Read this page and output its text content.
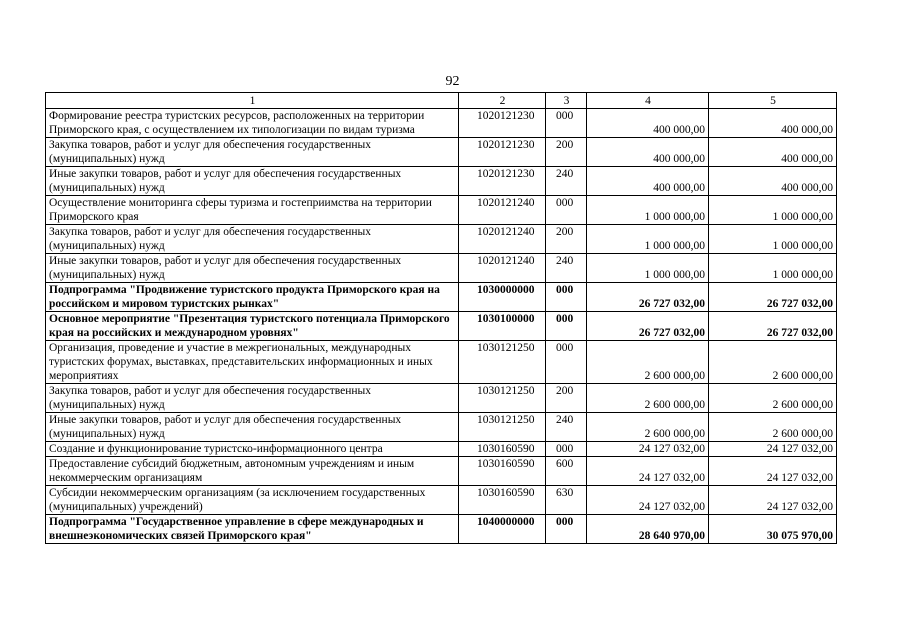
92
1	2	3	4	5
Формирование реестра туристских ресурсов, расположенных на территории Приморского края, с осуществлением их типологизации по видам туризма	1020121230	000	400 000,00	400 000,00
Закупка товаров, работ и услуг для обеспечения государственных (муниципальных) нужд	1020121230	200	400 000,00	400 000,00
Иные закупки товаров, работ и услуг для обеспечения государственных (муниципальных) нужд	1020121230	240	400 000,00	400 000,00
Осуществление мониторинга сферы туризма и гостеприимства на территории Приморского края	1020121240	000	1 000 000,00	1 000 000,00
Закупка товаров, работ и услуг для обеспечения государственных (муниципальных) нужд	1020121240	200	1 000 000,00	1 000 000,00
Иные закупки товаров, работ и услуг для обеспечения государственных (муниципальных) нужд	1020121240	240	1 000 000,00	1 000 000,00
Подпрограмма "Продвижение туристского продукта Приморского края на российском и мировом туристских рынках"	1030000000	000	26 727 032,00	26 727 032,00
Основное мероприятие "Презентация туристского потенциала Приморского края на российских и международном уровнях"	1030100000	000	26 727 032,00	26 727 032,00
Организация, проведение и участие в межрегиональных, международных туристских форумах, выставках, представительских информационных и иных мероприятиях	1030121250	000	2 600 000,00	2 600 000,00
Закупка товаров, работ и услуг для обеспечения государственных (муниципальных) нужд	1030121250	200	2 600 000,00	2 600 000,00
Иные закупки товаров, работ и услуг для обеспечения государственных (муниципальных) нужд	1030121250	240	2 600 000,00	2 600 000,00
Создание и функционирование туристско-информационного центра	1030160590	000	24 127 032,00	24 127 032,00
Предоставление субсидий бюджетным, автономным учреждениям и иным некоммерческим организациям	1030160590	600	24 127 032,00	24 127 032,00
Субсидии некоммерческим организациям (за исключением государственных (муниципальных) учреждений)	1030160590	630	24 127 032,00	24 127 032,00
Подпрограмма "Государственное управление в сфере международных и внешнеэкономических связей Приморского края"	1040000000	000	28 640 970,00	30 075 970,00
